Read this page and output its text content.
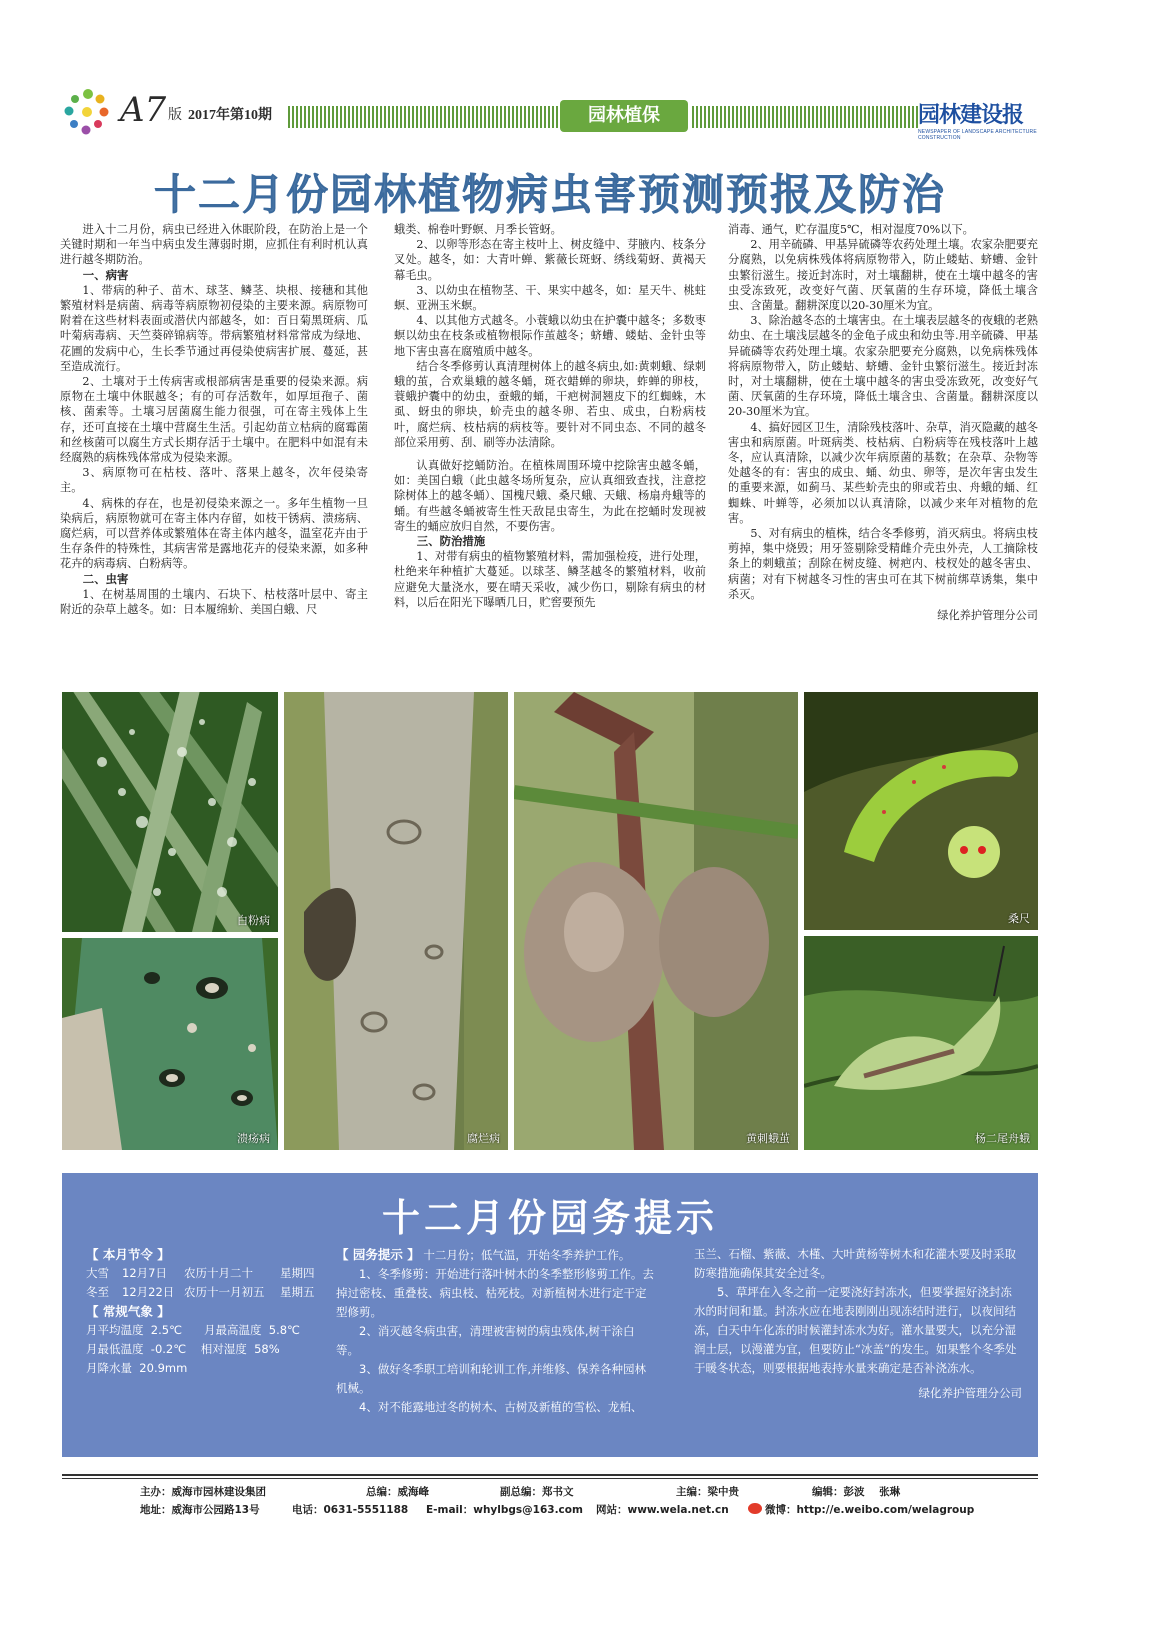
A7 版 2017年第10期	园林植保	园林建设报
NEWSPAPER OF LANDSCAPE ARCHITECTURE CONSTRUCTION
十二月份园林植物病虫害预测预报及防治

进入十二月份，病虫已经进入休眠阶段，在防治上是一个关键时期和一年当中病虫发生薄弱时期，应抓住有利时机认真进行越冬期防治。

一、病害

1、带病的种子、苗木、球茎、鳞茎、块根、接穗和其他繁殖材料是病菌、病毒等病原物初侵染的主要来源。病原物可附着在这些材料表面或潜伏内部越冬，如：百日菊黑斑病、瓜叶菊病毒病、天竺葵碎锦病等。带病繁殖材料常常成为绿地、花圃的发病中心，生长季节通过再侵染使病害扩展、蔓延，甚至造成流行。

2、土壤对于土传病害或根部病害是重要的侵染来源。病原物在土壤中休眠越冬；有的可存活数年，如厚垣孢子、菌核、菌索等。土壤习居菌腐生能力很强，可在寄主残体上生存，还可直接在土壤中营腐生生活。引起幼苗立枯病的腐霉菌和丝核菌可以腐生方式长期存活于土壤中。在肥料中如混有未经腐熟的病株残体常成为侵染来源。

3、病原物可在枯枝、落叶、落果上越冬，次年侵染寄主。

4、病株的存在，也是初侵染来源之一。多年生植物一旦染病后，病原物就可在寄主体内存留，如枝干锈病、溃疡病、腐烂病，可以营养体或繁殖体在寄主体内越冬，温室花卉由于生存条件的特殊性，其病害常是露地花卉的侵染来源，如多种花卉的病毒病、白粉病等。

二、虫害

1、在树基周围的土壤内、石块下、枯枝落叶层中、寄主附近的杂草上越冬。如：日本履绵蚧、美国白蛾、尺

蛾类、棉卷叶野螟、月季长管蚜。

2、以卵等形态在寄主枝叶上、树皮缝中、芽腋内、枝条分叉处。越冬，如：大青叶蝉、紫薇长斑蚜、绣线菊蚜、黄褐天幕毛虫。

3、以幼虫在植物茎、干、果实中越冬，如：星天牛、桃蛀螟、亚洲玉米螟。

4、以其他方式越冬。小蓑蛾以幼虫在护囊中越冬；多数枣螟以幼虫在枝条或植物根际作茧越冬；蛴螬、蝼蛄、金针虫等地下害虫喜在腐殖质中越冬。

结合冬季修剪认真清理树体上的越冬病虫,如:黄刺蛾、绿刺蛾的茧，合欢巢蛾的越冬蛹，斑衣蜡蝉的卵块，蚱蝉的卵枝，蓑蛾护囊中的幼虫，蚕蛾的蛹，干疤树洞翘皮下的红蜘蛛，木虱、蚜虫的卵块，蚧壳虫的越冬卵、若虫、成虫，白粉病枝叶，腐烂病、枝枯病的病枝等。要针对不同虫态、不同的越冬部位采用剪、刮、刷等办法清除。

认真做好挖蛹防治。在植株周围环境中挖除害虫越冬蛹，如：美国白蛾（此虫越冬场所复杂，应认真细致查找，注意挖除树体上的越冬蛹）、国槐尺蛾、桑尺蛾、天蛾、杨扇舟蛾等的蛹。有些越冬蛹被寄生性天敌昆虫寄生，为此在挖蛹时发现被寄生的蛹应放归自然，不要伤害。

三、防治措施

1、对带有病虫的植物繁殖材料，需加强检疫，进行处理，杜绝来年种植扩大蔓延。以球茎、鳞茎越冬的繁殖材料，收前应避免大量浇水，要在晴天采收，减少伤口，剔除有病虫的材料，以后在阳光下曝晒几日，贮窖要预先

消毒、通气，贮存温度5℃，相对湿度70%以下。

2、用辛硫磷、甲基异硫磷等农药处理土壤。农家杂肥要充分腐熟，以免病株残体将病原物带入，防止蝼蛄、蛴螬、金针虫繁衍滋生。接近封冻时，对土壤翻耕，使在土壤中越冬的害虫受冻致死，改变好气菌、厌氧菌的生存环境，降低土壤含虫、含菌量。翻耕深度以20-30厘米为宜。

3、除治越冬态的土壤害虫。在土壤表层越冬的夜蛾的老熟幼虫、在土壤浅层越冬的金龟子成虫和幼虫等.用辛硫磷、甲基异硫磷等农药处理土壤。农家杂肥要充分腐熟，以免病株残体将病原物带入，防止蝼蛄、蛴螬、金针虫繁衍滋生。接近封冻时，对土壤翻耕，使在土壤中越冬的害虫受冻致死，改变好气菌、厌氧菌的生存环境，降低土壤含虫、含菌量。翻耕深度以20-30厘米为宜。

4、搞好园区卫生，清除残枝落叶、杂草，消灭隐藏的越冬害虫和病原菌。叶斑病类、枝枯病、白粉病等在残枝落叶上越冬，应认真清除，以减少次年病原菌的基数；在杂草、杂物等处越冬的有：害虫的成虫、蛹、幼虫、卵等，是次年害虫发生的重要来源，如蓟马、某些蚧壳虫的卵或若虫、舟蛾的蛹、红蜘蛛、叶蝉等，必须加以认真清除，以减少来年对植物的危害。

5、对有病虫的植株，结合冬季修剪，消灭病虫。将病虫枝剪掉，集中烧毁；用牙签剔除受精雌介壳虫外壳，人工摘除枝条上的刺蛾茧；刮除在树皮缝、树疤内、枝杈处的越冬害虫、病菌；对有下树越冬习性的害虫可在其下树前绑草诱集，集中杀灭。

绿化养护管理分公司

白粉病
溃疡病	腐烂病	黄刺蛾茧
桑尺
杨二尾舟蛾
十二月份园务提示
【 本月节令 】
大雪 12月7日 农历十月二十 星期四
冬至 12月22日 农历十一月初五 星期五
【 常规气象 】
月平均温度  2.5℃      月最高温度  5.8℃
月最低温度  -0.2℃    相对湿度  58%
月降水量  20.9mm
【 园务提示 】 十二月份；低气温，开始冬季养护工作。

1、冬季修剪：开始进行落叶树木的冬季整形修剪工作。去掉过密枝、重叠枝、病虫枝、枯死枝。对新植树木进行定干定型修剪。

2、消灭越冬病虫害，清理被害树的病虫残体,树干涂白等。

3、做好冬季职工培训和轮训工作,并维修、保养各种园林机械。

4、对不能露地过冬的树木、古树及新植的雪松、龙柏、

玉兰、石榴、紫薇、木槿、大叶黄杨等树木和花灌木要及时采取防寒措施确保其安全过冬。

5、草坪在入冬之前一定要浇好封冻水，但要掌握好浇封冻水的时间和量。封冻水应在地表刚刚出现冻结时进行，以夜间结冻，白天中午化冻的时候灌封冻水为好。灌水量要大，以充分湿润土层，以漫灌为宜，但要防止“冰盖”的发生。如果整个冬季处于暖冬状态，则要根据地表持水量来确定是否补浇冻水。

绿化养护管理分公司
主办：威海市园林建设集团	总编：威海峰	副总编：郑书文	主编：梁中贵	编辑：彭波    张琳
地址：威海市公园路13号	电话：0631-5551188 E-mail：whylbgs@163.com 网站：www.wela.net.cn	微博：http://e.weibo.com/welagroup
